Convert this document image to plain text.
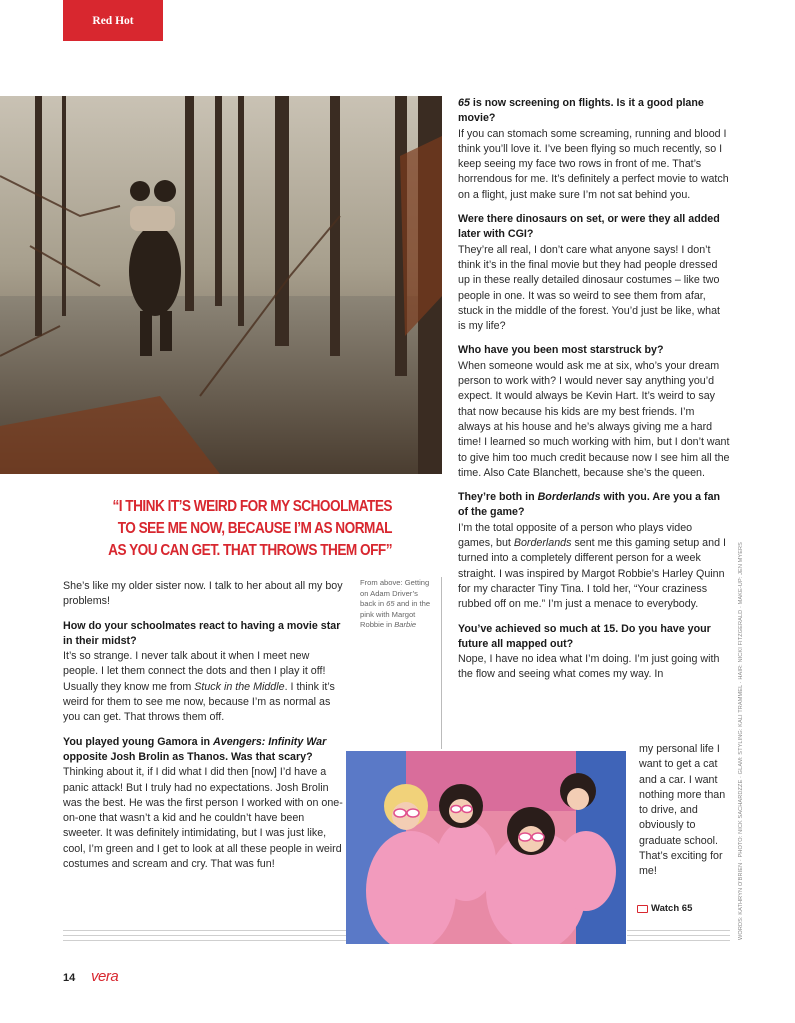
Red Hot
“I THINK IT’S WEIRD FOR MY SCHOOLMATES
TO SEE ME NOW, BECAUSE I’M AS NORMAL
AS YOU CAN GET. THAT THROWS THEM OFF”

She’s like my older sister now. I talk to her about all my boy problems!

How do your schoolmates react to having a movie star in their midst?

It’s so strange. I never talk about it when I meet new people. I let them connect the dots and then I play it off! Usually they know me from Stuck in the Middle. I think it’s weird for them to see me now, because I’m as normal as you can get. That throws them off.

You played young Gamora in Avengers: Infinity War opposite Josh Brolin as Thanos. Was that scary?

Thinking about it, if I did what I did then [now] I’d have a panic attack! But I truly had no expectations. Josh Brolin was the best. He was the first person I worked with on one-on-one that wasn’t a kid and he couldn’t have been sweeter. It was definitely intimidating, but I was just like, cool, I’m green and I get to look at all these people in weird costumes and scream and cry. That was fun!

From above: Getting on Adam Driver’s back in 65 and in the pink with Margot Robbie in Barbie

65 is now screening on flights. Is it a good plane movie?

If you can stomach some screaming, running and blood I think you’ll love it. I’ve been flying so much recently, so I keep seeing my face two rows in front of me. That’s horrendous for me. It’s definitely a perfect movie to watch on a flight, just make sure I’m not sat behind you.

Were there dinosaurs on set, or were they all added later with CGI?

They’re all real, I don’t care what anyone says! I don’t think it’s in the final movie but they had people dressed up in these really detailed dinosaur costumes – like two people in one. It was so weird to see them from afar, stuck in the middle of the forest. You’d just be like, what is my life?

Who have you been most starstruck by?

When someone would ask me at six, who’s your dream person to work with? I would never say anything you’d expect. It would always be Kevin Hart. It’s weird to say that now because his kids are my best friends. I’m always at his house and he’s always giving me a hard time! I learned so much working with him, but I don’t want to give him too much credit because now I see him all the time. Also Cate Blanchett, because she’s the queen.

They’re both in Borderlands with you. Are you a fan of the game?

I’m the total opposite of a person who plays video games, but Borderlands sent me this gaming setup and I turned into a completely different person for a week straight. I was inspired by Margot Robbie’s Harley Quinn for my character Tiny Tina. I told her, “Your craziness rubbed off on me.” I’m just a menace to everybody.

You’ve achieved so much at 15. Do you have your future all mapped out?

Nope, I have no idea what I’m doing. I’m just going with the flow and seeing what comes my way. In

my personal life I want to get a cat and a car. I want nothing more than to drive, and obviously to graduate school. That’s exciting for me!
Watch 65	WORDS: KATHRYN O’BRIEN · PHOTO: NICK SACHARDZZE · GLAM: STYLING: KALI TRAMMEL · HAIR: NICKI FITZGERALD · MAKE-UP: JEN MYERS
14 vera
